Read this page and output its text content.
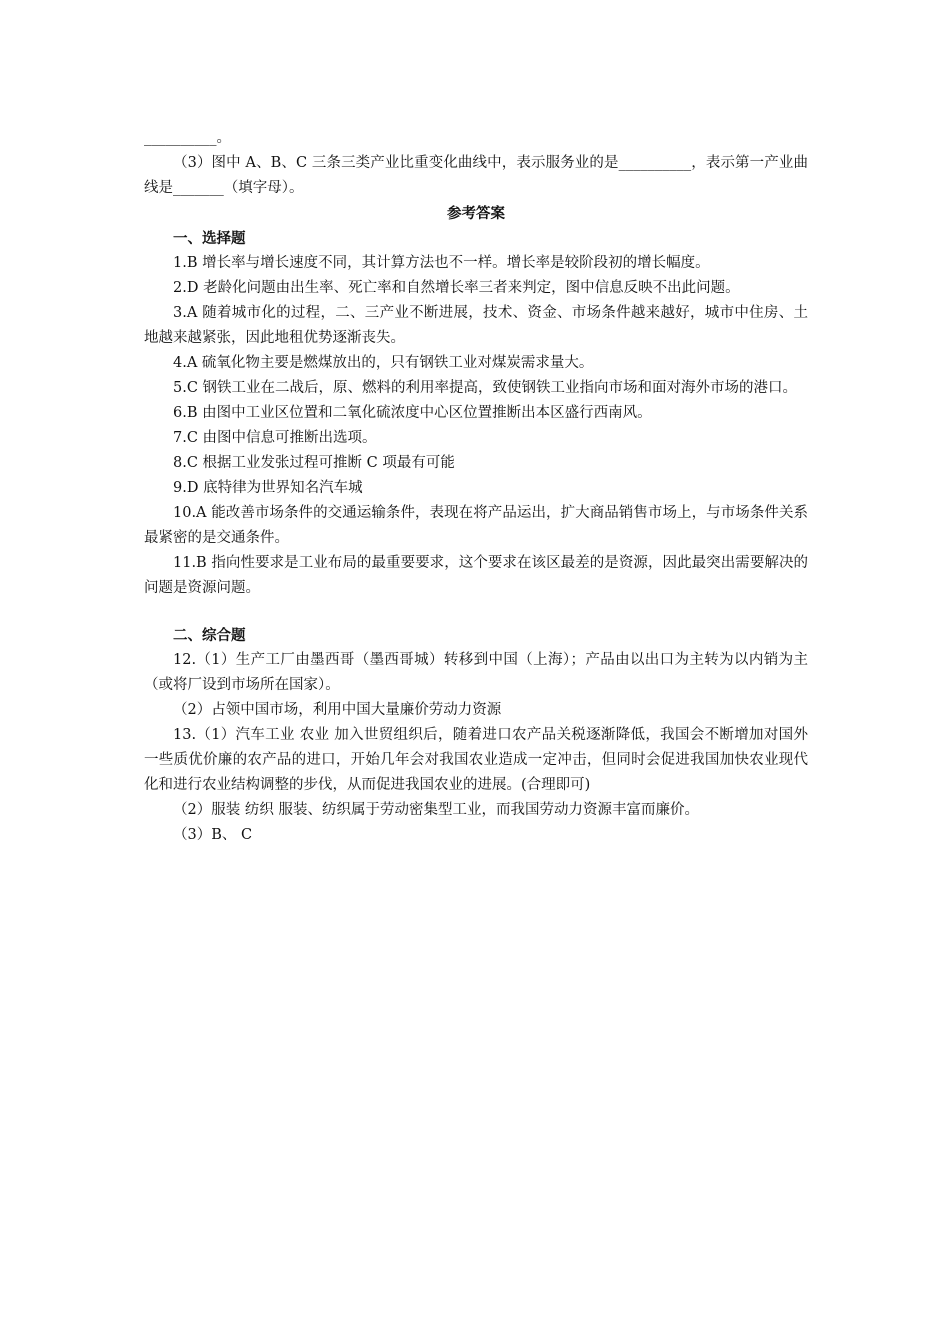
__________。

（3）图中 A、B、C 三条三类产业比重变化曲线中，表示服务业的是__________，表示第一产业曲线是_______（填字母）。

参考答案

一、选择题

1.B 增长率与增长速度不同，其计算方法也不一样。增长率是较阶段初的增长幅度。

2.D 老龄化问题由出生率、死亡率和自然增长率三者来判定，图中信息反映不出此问题。

3.A 随着城市化的过程，二、三产业不断进展，技术、资金、市场条件越来越好，城市中住房、土地越来越紧张，因此地租优势逐渐丧失。

4.A 硫氧化物主要是燃煤放出的，只有钢铁工业对煤炭需求量大。

5.C 钢铁工业在二战后，原、燃料的利用率提高，致使钢铁工业指向市场和面对海外市场的港口。

6.B 由图中工业区位置和二氧化硫浓度中心区位置推断出本区盛行西南风。

7.C 由图中信息可推断出选项。

8.C 根据工业发张过程可推断 C 项最有可能

9.D 底特律为世界知名汽车城

10.A 能改善市场条件的交通运输条件，表现在将产品运出，扩大商品销售市场上，与市场条件关系最紧密的是交通条件。

11.B 指向性要求是工业布局的最重要要求，这个要求在该区最差的是资源，因此最突出需要解决的问题是资源问题。

二、综合题

12.（1）生产工厂由墨西哥（墨西哥城）转移到中国（上海）；产品由以出口为主转为以内销为主（或将厂设到市场所在国家）。

（2）占领中国市场，利用中国大量廉价劳动力资源

13.（1）汽车工业 农业 加入世贸组织后，随着进口农产品关税逐渐降低，我国会不断增加对国外一些质优价廉的农产品的进口，开始几年会对我国农业造成一定冲击，但同时会促进我国加快农业现代化和进行农业结构调整的步伐，从而促进我国农业的进展。(合理即可)

（2）服装 纺织 服装、纺织属于劳动密集型工业，而我国劳动力资源丰富而廉价。

（3）B、 C
